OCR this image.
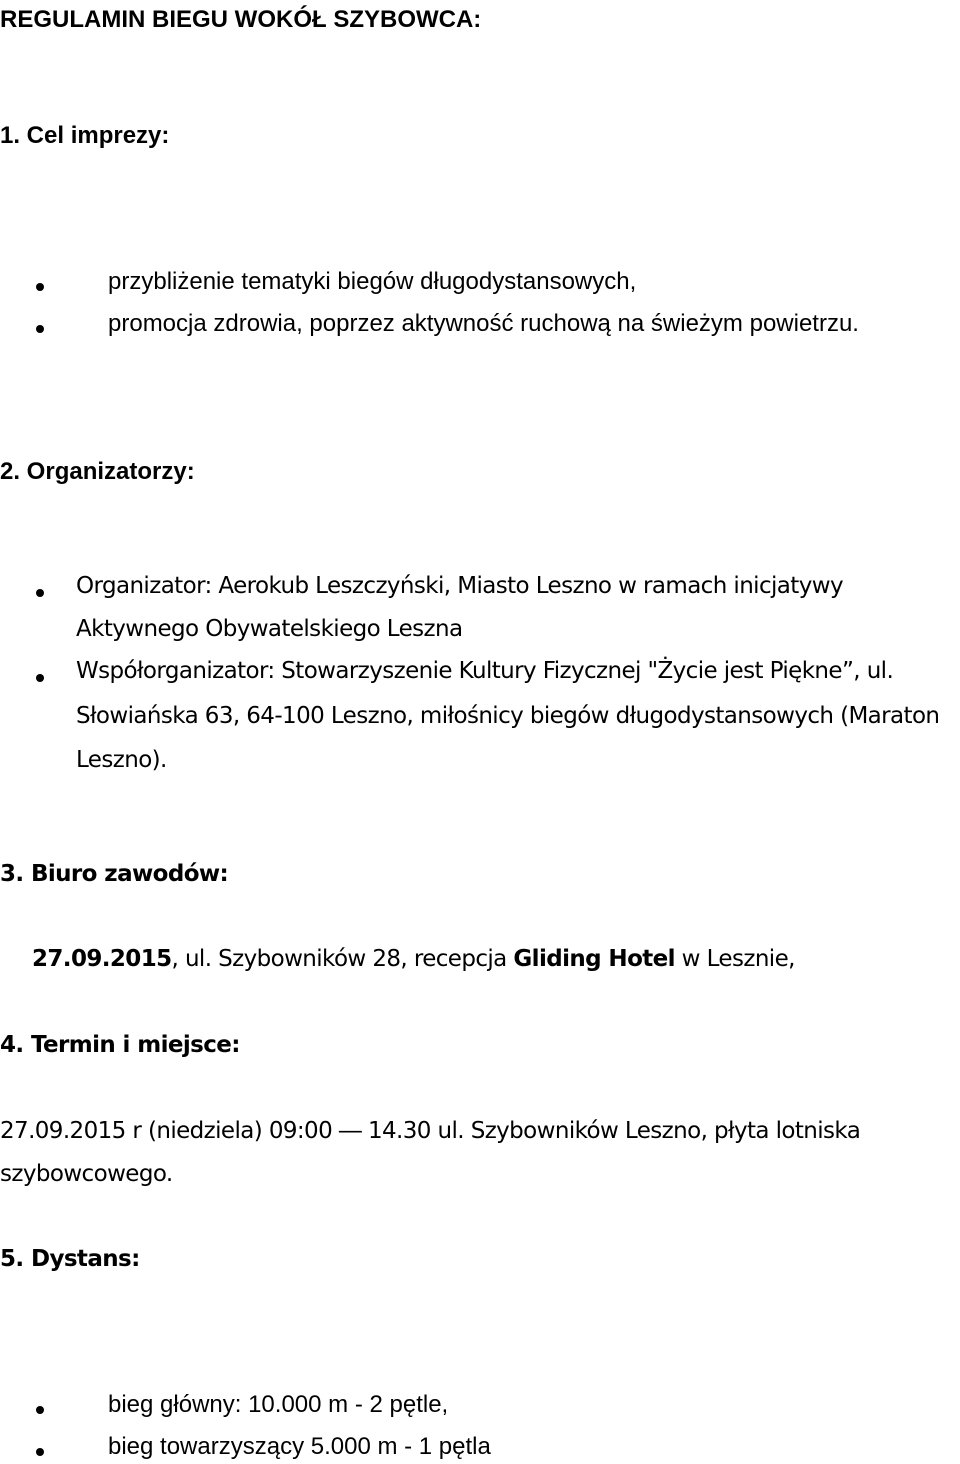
REGULAMIN BIEGU WOKÓŁ SZYBOWCA:
1. Cel imprezy:
przybliżenie tematyki biegów długodystansowych,
promocja zdrowia, poprzez aktywność ruchową na świeżym powietrzu.
2. Organizatorzy:
Organizator: Aerokub Leszczyński, Miasto Leszno w ramach inicjatywy
Aktywnego Obywatelskiego Leszna
Współorganizator: Stowarzyszenie Kultury Fizycznej "Życie jest Piękne”, ul.
Słowiańska 63, 64-100 Leszno, miłośnicy biegów długodystansowych (Maraton
Leszno).
3. Biuro zawodów:
27.09.2015, ul. Szybowników 28, recepcja Gliding Hotel w Lesznie,
4. Termin i miejsce:
27.09.2015 r (niedziela) 09:00 ― 14.30 ul. Szybowników Leszno, płyta lotniska
szybowcowego.
5. Dystans:
bieg główny: 10.000 m - 2 pętle,
bieg towarzyszący 5.000 m - 1 pętla
